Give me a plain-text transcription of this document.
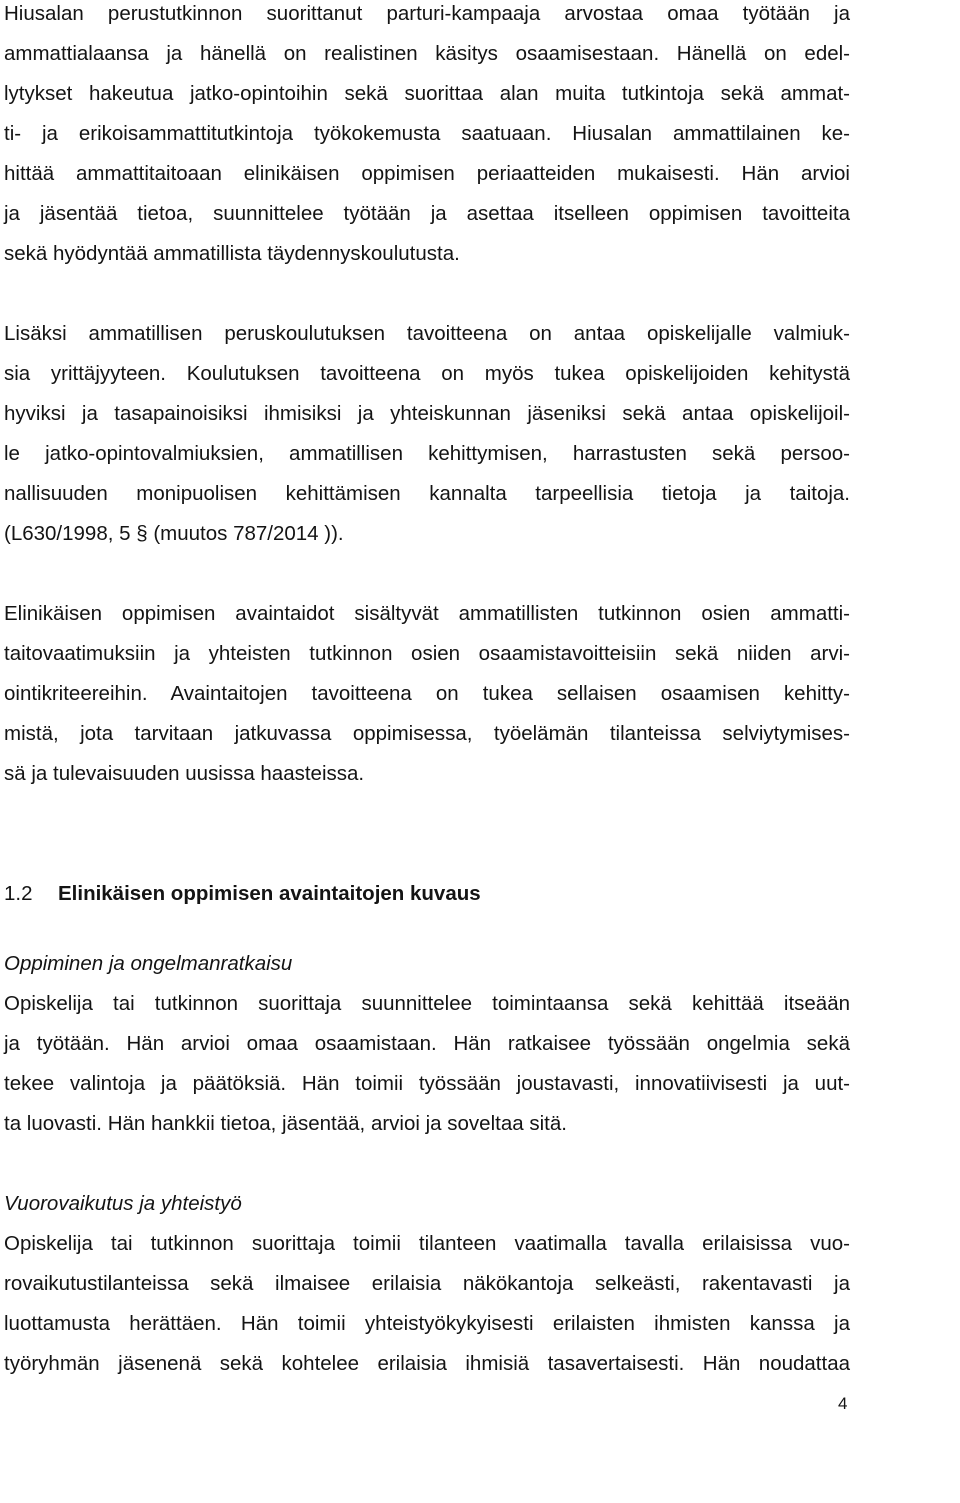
Hiusalan perustutkinnon suorittanut parturi-kampaaja arvostaa omaa työtään ja
ammattialaansa ja hänellä on realistinen käsitys osaamisestaan. Hänellä on edel-
lytykset hakeutua jatko-opintoihin sekä suorittaa alan muita tutkintoja sekä ammat-
ti- ja erikoisammattitutkintoja työkokemusta saatuaan. Hiusalan ammattilainen ke-
hittää ammattitaitoaan elinikäisen oppimisen periaatteiden mukaisesti. Hän arvioi
ja jäsentää tietoa, suunnittelee työtään ja asettaa itselleen oppimisen tavoitteita
sekä hyödyntää ammatillista täydennyskoulutusta.
Lisäksi ammatillisen peruskoulutuksen tavoitteena on antaa opiskelijalle valmiuk-
sia yrittäjyyteen. Koulutuksen tavoitteena on myös tukea opiskelijoiden kehitystä
hyviksi ja tasapainoisiksi ihmisiksi ja yhteiskunnan jäseniksi sekä antaa opiskelijoil-
le jatko-opintovalmiuksien, ammatillisen kehittymisen, harrastusten sekä persoo-
nallisuuden monipuolisen kehittämisen kannalta tarpeellisia tietoja ja taitoja.
(L630/1998, 5 § (muutos 787/2014 )).
Elinikäisen oppimisen avaintaidot sisältyvät ammatillisten tutkinnon osien ammatti-
taitovaatimuksiin ja yhteisten tutkinnon osien osaamistavoitteisiin sekä niiden arvi-
ointikriteereihin. Avaintaitojen tavoitteena on tukea sellaisen osaamisen kehitty-
mistä, jota tarvitaan jatkuvassa oppimisessa, työelämän tilanteissa selviytymises-
sä ja tulevaisuuden uusissa haasteissa.
1.2 Elinikäisen oppimisen avaintaitojen kuvaus
Oppiminen ja ongelmanratkaisu
Opiskelija tai tutkinnon suorittaja suunnittelee toimintaansa sekä kehittää itseään
ja työtään. Hän arvioi omaa osaamistaan. Hän ratkaisee työssään ongelmia sekä
tekee valintoja ja päätöksiä. Hän toimii työssään joustavasti, innovatiivisesti ja uut-
ta luovasti. Hän hankkii tietoa, jäsentää, arvioi ja soveltaa sitä.
Vuorovaikutus ja yhteistyö
Opiskelija tai tutkinnon suorittaja toimii tilanteen vaatimalla tavalla erilaisissa vuo-
rovaikutustilanteissa sekä ilmaisee erilaisia näkökantoja selkeästi, rakentavasti ja
luottamusta herättäen. Hän toimii yhteistyökykyisesti erilaisten ihmisten kanssa ja
työryhmän jäsenenä sekä kohtelee erilaisia ihmisiä tasavertaisesti. Hän noudattaa
4
